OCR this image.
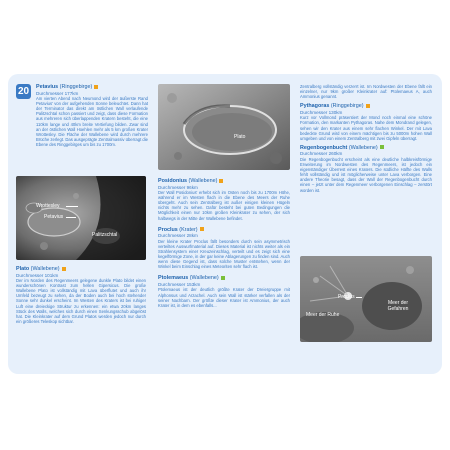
20	Petavius (Ringgebirge)
Durchmesser 177km

Am vierten Abend nach Neumond wird der äußerste Rand Petavius' von der aufgehenden Sonne beleuchtet. Dann hat der Terminator das direkt am östlichen Wall verlaufende Palitzschtal schon passiert und zeigt, dass diese Formation aus mehreren sich überlappenden Kratern besteht, die eine 110km lange und 40km breite Vertiefung bilden. Zwar sind an der östlichen Wall Hoehlen mehr als 5 km großen Krater Wrottesley. Die Fläche der Wallebene wird durch mehrere Brüche zerlegt. Das ausgeprägte Zentralmassiv überragt die Ebene des Ringgebirges um bis zu 1700m.

Wrottesley
Petavius
Palitzschtal
Plato (Wallebene)
Durchmesser 101km

Der im Norden des Regenmeers gelegene dunkle Plato bildet einen wunderschönen Kontrast zum hellen Gipersicus. Die große Wallebene Plato ist vollständig mit Lava überflutet und auch ihr Umfeld bezeugt zu sehen, da der Boden auch bei hoch stehender Sonne sehr dunkel erscheint. Im Westen des Kraters ist bei ruhiger Luft eine dreieckige Struktur zu erkennen: ein etwa 20km langes Stück des Walls, welches sich durch einen Senkungsschub abgelöst hat. Die Kleinkrater auf dem Grund Platos werden jedoch nur durch ein größeres Teleskop sichtbar.

Plato
Posidonius (Wallebene)
Durchmesser 96km

Der Wall Posidonius' erhebt sich im Osten noch bis zu 1700m Höhe, während er im Westen flach in die Ebene des Meers der Ruhe übergeht. Auch sein Zentralberg ist außer einigen kleinen Hügeln nichts mehr zu sehen. Dafür besteht bei guten Bedingungen die Möglichkeit einen nur 10km großen Kleinkrater zu sehen, der sich halbwegs in der Mitte der Wallebene befindet.

Proclus (Krater)
Durchmesser 28km

Der kleine Krater Proclus fällt besonders durch sein asymmetrisch verteiltes Auswurfmaterial auf. Dieses Material ist nichts weiter als ein Strahlensystem einer Kreuzeinschlag, verteilt und es zeigt sich eine kegelförmige Zone, in der gar keine Ablagerungen zu finden sind. Auch wenn diese Gegend ist, dass solche Muster entstehen, wenn der Winkel beim Einschlag eines Meteoriten sehr flach ist.

Ptolemaeus (Wallebene)
Durchmesser 153km

Ptolemaeus ist der deutlich größte Krater der Dreiergruppe mit Alphonsus und Arzachel. Auch sein Wall ist stärker verfallen als der seiner Nachbarn. Der größte dieser Krater ist Ammonius, der auch Krater ist, in dem es ebenfalls...

Zentralberg vollständig verzerrt ist. Im Nordwesten der Ebene fällt ein einzelner, nur 9km großer Kleinkrater auf: Ptolemaeus A, auch Ammonius genannt.

Pythagoras (Ringgebirge)
Durchmesser 130km

Kurz vor Vollmond präsentiert der Mond noch einmal eine schöne Formation, den markanten Pythagoras. Nahe dem Mondrand gelegen, sehen wir den Krater aus einem sehr flachen Winkel. Der mit Lava bedeckte Grund wird von einem mächtigen bis zu 5000m hohen Wall umgeben und von einem Zentralberg mit zwei Gipfeln überragt.

Regenbogenbucht (Wallebene)
Durchmesser 260km

Die Regenbogenbucht erscheint als eine deutliche halbkreisförmige Erweiterung im Nordwesten des Regenmeers, ist jedoch ein eigenständiger Überrest eines Kraters. Die südliche Hälfte des Walls fehlt vollständig und ist möglicherweise unter Lava verborgen. Eine andere Theorie besagt, dass der Wall der Regenbogenbucht durch einen – jetzt unter dem Regenmeer verborgenen Einschlag – zerstört worden ist.

Proclus
Meer der Ruhe
Meer der Gefahren
